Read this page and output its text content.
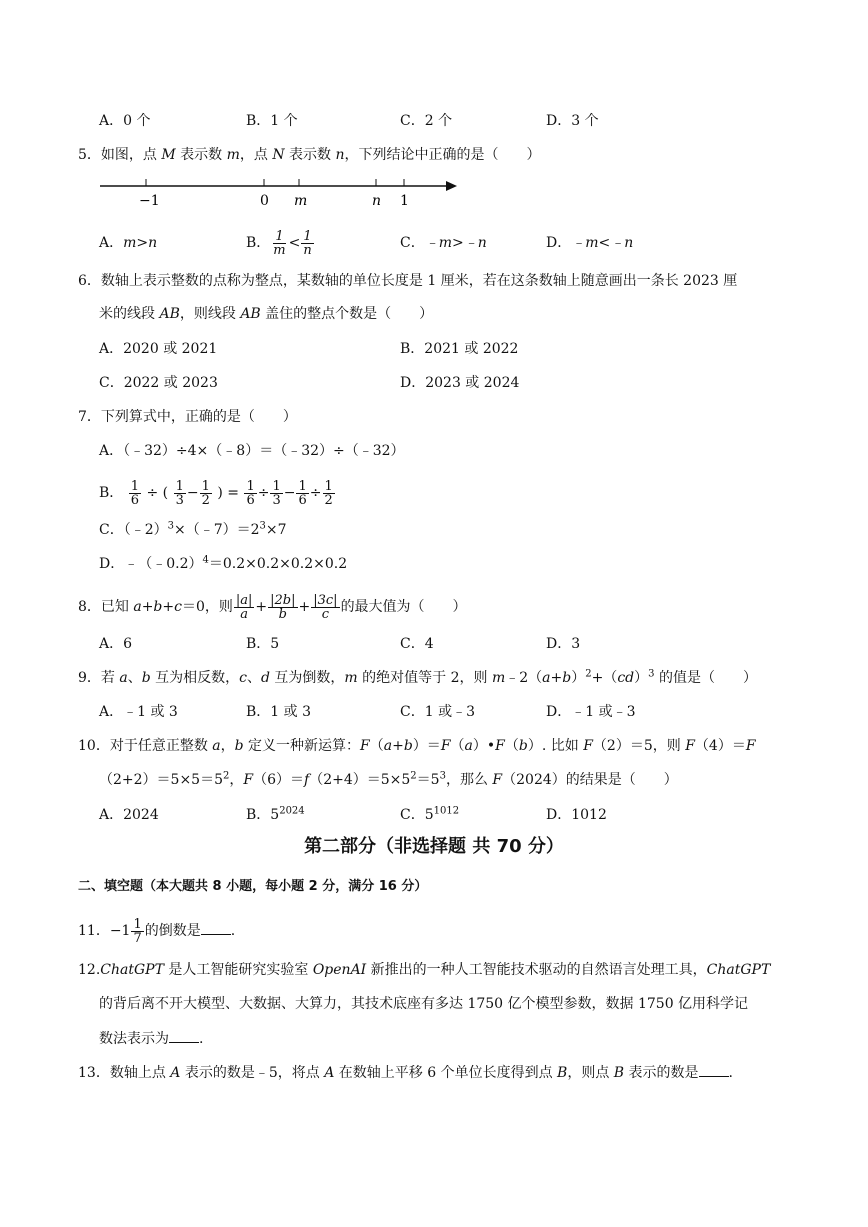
A．0 个	B．1 个	C．2 个	D．3 个
5．如图，点 M 表示数 m，点 N 表示数 n，下列结论中正确的是（　　）
−1	0 m	n 1
A．m>n	B． $\frac{1}{m} < \frac{1}{n}$	C．﹣m>﹣n	D．﹣m<﹣n
6．数轴上表示整数的点称为整点，某数轴的单位长度是 1 厘米，若在这条数轴上随意画出一条长 2023 厘
米的线段 AB，则线段 AB 盖住的整点个数是（　　）
A．2020 或 2021	B．2021 或 2022
C．2022 或 2023	D．2023 或 2024
7．下列算式中，正确的是（　　）
A．（﹣32）÷4×（﹣8）＝（﹣32）÷（﹣32）
B． $\frac{1}{6}$ ÷ ( $\frac{1}{3} - \frac{1}{2}$ ) = $\frac{1}{6} \div \frac{1}{3} - \frac{1}{6} \div \frac{1}{2}$
C．$(﹣2)^3\times(﹣7)=2^3\times 7$
D．﹣（﹣0.2）$^4$＝0.2×0.2×0.2×0.2
8．已知 a+b+c＝0，则 $\frac{|a|}{a} + \frac{|2b|}{b} + \frac{|3c|}{c}$ 的最大值为（　　）
A．6	B．5	C．4	D．3
9．若 a、b 互为相反数，c、d 互为倒数，m 的绝对值等于 2，则 $m﹣2(a+b)^2+(cd)^3$ 的值是（　　）
A．﹣1 或 3	B．1 或 3	C．1 或﹣3	D．﹣1 或﹣3
10．对于任意正整数 a，b 定义一种新运算：F（a+b）＝F（a）•F（b）. 比如 F（2）＝5，则 F（4）＝F
$(2+2)=5\times 5=5^2$，$F(6)=f(2+4)=5\times 5^2=5^3$，那么 F（2024）的结果是（　　）
A．2024	B．$5^{2024}$	C．$5^{1012}$	D．1012
第二部分（非选择题 共 70 分）
二、填空题（本大题共 8 小题，每小题 2 分，满分 16 分）
11．$-1 \frac{1}{7}$ 的倒数是 .
12.ChatGPT 是人工智能研究实验室 OpenAI 新推出的一种人工智能技术驱动的自然语言处理工具，ChatGPT
的背后离不开大模型、大数据、大算力，其技术底座有多达 1750 亿个模型参数，数据 1750 亿用科学记
数法表示为 .
13．数轴上点 A 表示的数是﹣5，将点 A 在数轴上平移 6 个单位长度得到点 B，则点 B 表示的数是 .
